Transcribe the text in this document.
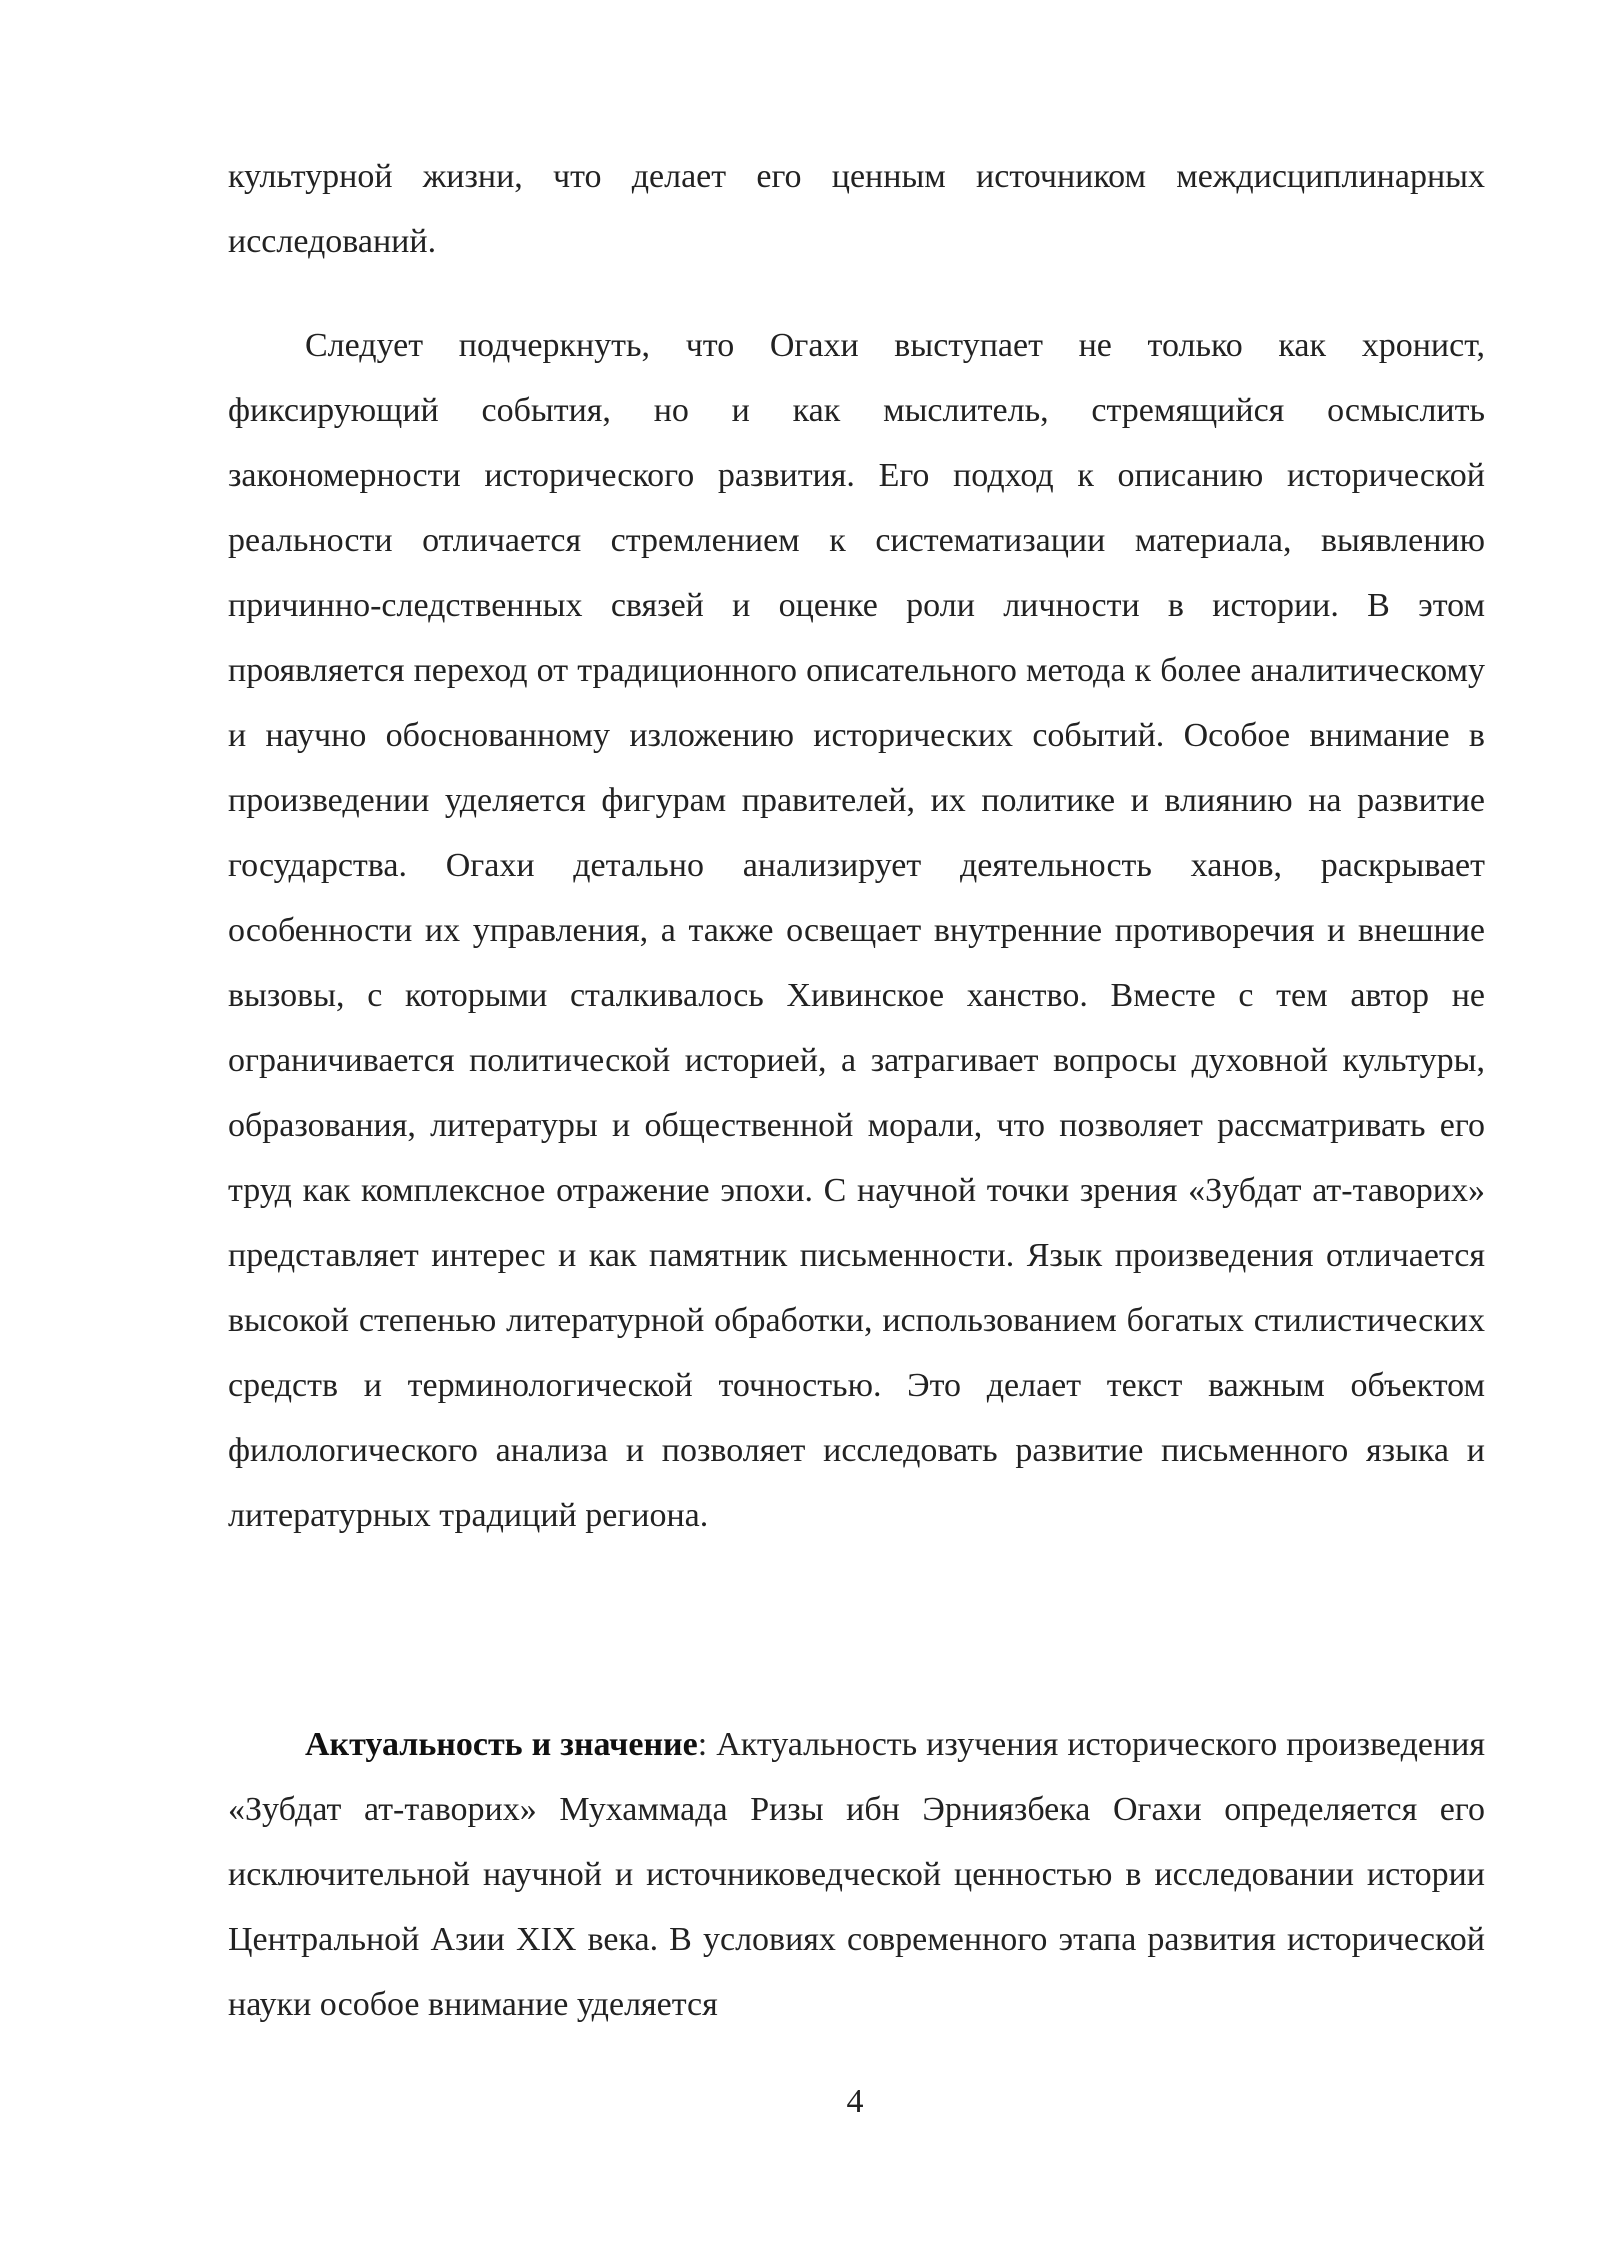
культурной жизни, что делает его ценным источником междисциплинарных исследований.

Следует подчеркнуть, что Огахи выступает не только как хронист, фиксирующий события, но и как мыслитель, стремящийся осмыслить закономерности исторического развития. Его подход к описанию исторической реальности отличается стремлением к систематизации материала, выявлению причинно-следственных связей и оценке роли личности в истории. В этом проявляется переход от традиционного описательного метода к более аналитическому и научно обоснованному изложению исторических событий. Особое внимание в произведении уделяется фигурам правителей, их политике и влиянию на развитие государства. Огахи детально анализирует деятельность ханов, раскрывает особенности их управления, а также освещает внутренние противоречия и внешние вызовы, с которыми сталкивалось Хивинское ханство. Вместе с тем автор не ограничивается политической историей, а затрагивает вопросы духовной культуры, образования, литературы и общественной морали, что позволяет рассматривать его труд как комплексное отражение эпохи. С научной точки зрения «Зубдат ат-таворих» представляет интерес и как памятник письменности. Язык произведения отличается высокой степенью литературной обработки, использованием богатых стилистических средств и терминологической точностью. Это делает текст важным объектом филологического анализа и позволяет исследовать развитие письменного языка и литературных традиций региона.

Актуальность и значение: Актуальность изучения исторического произведения «Зубдат ат-таворих» Мухаммада Ризы ибн Эрниязбека Огахи определяется его исключительной научной и источниковедческой ценностью в исследовании истории Центральной Азии XIX века. В условиях современного этапа развития исторической науки особое внимание уделяется

4
